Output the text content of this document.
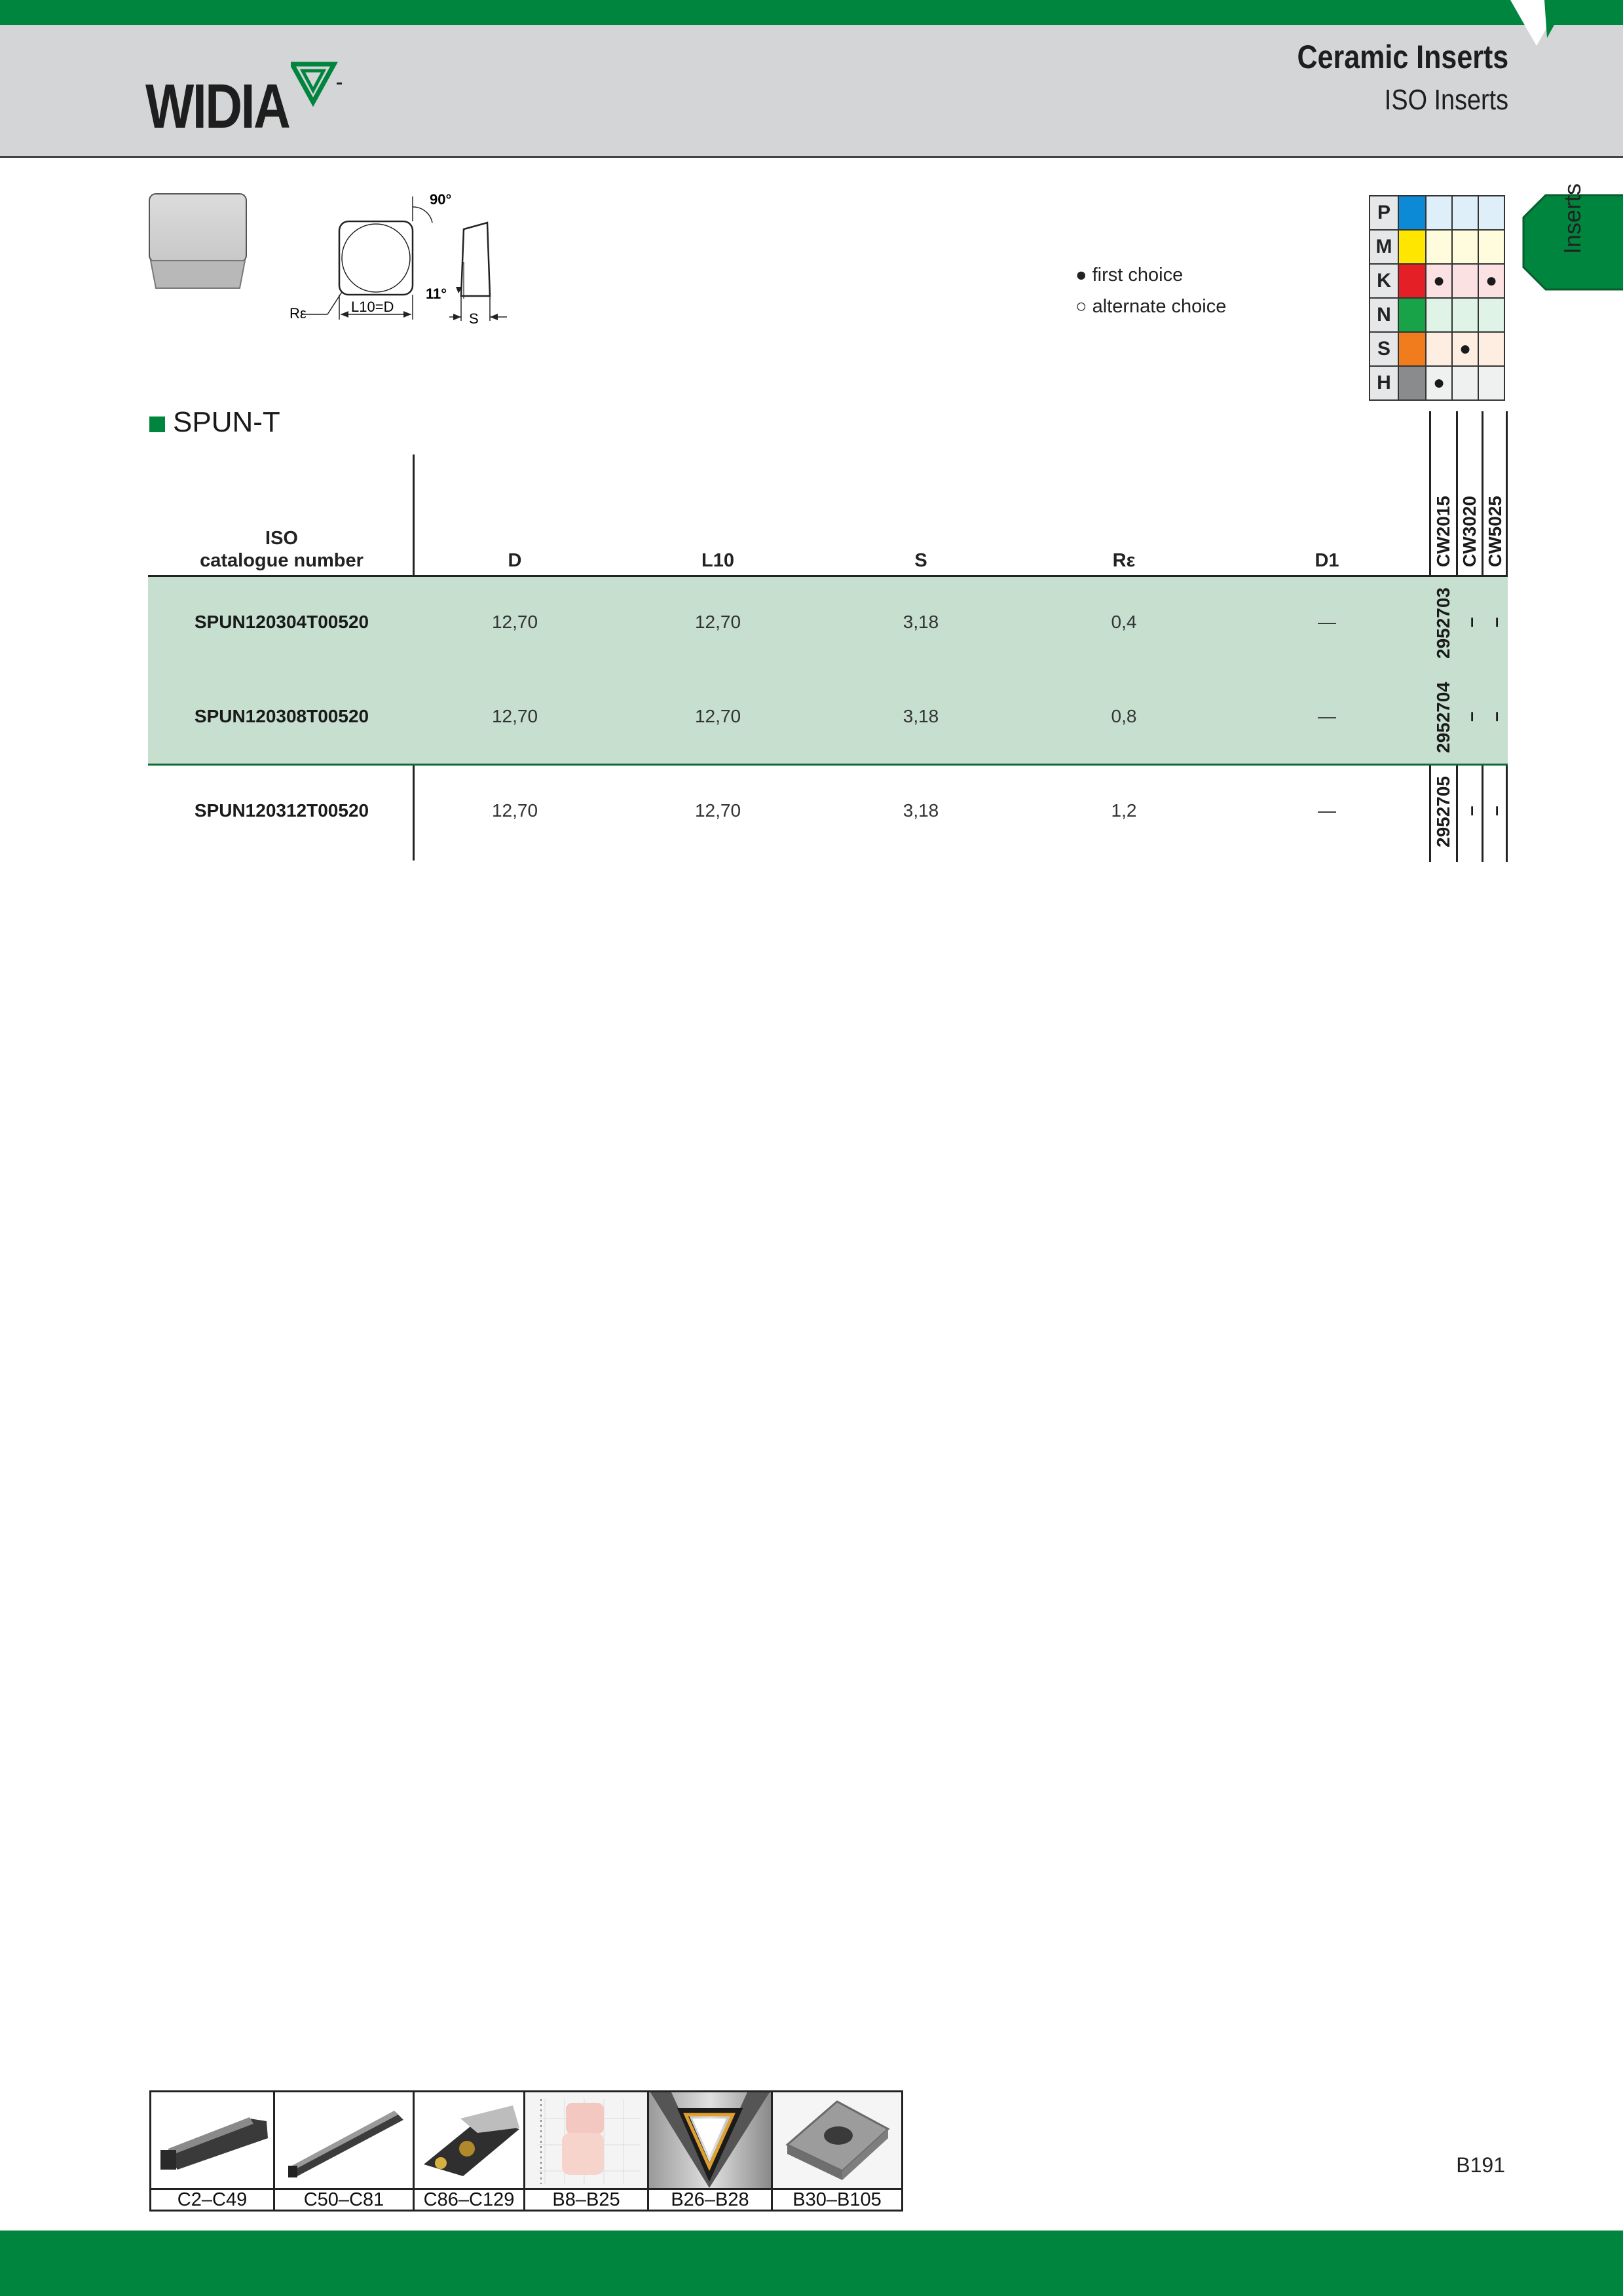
WIDIA
Ceramic Inserts
ISO Inserts
Inserts
90°
L10=D
Rε	S
11°
● first choice
○ alternate choice
P				
M				
K		●		●
N				
S			●	
H		●		
SPUN-T
ISO
catalogue number	D	L10	S	Rε	D1	CW2015 CW3020 CW5025
SPUN120304T00520	12,70	12,70	3,18	0,4	—	2952703 – –
SPUN120308T00520	12,70	12,70	3,18	0,8	—	2952704 – –
SPUN120312T00520	12,70	12,70	3,18	1,2	—	2952705 – –
C2–C49	C50–C81	C86–C129	B8–B25	B26–B28	B30–B105
B191
